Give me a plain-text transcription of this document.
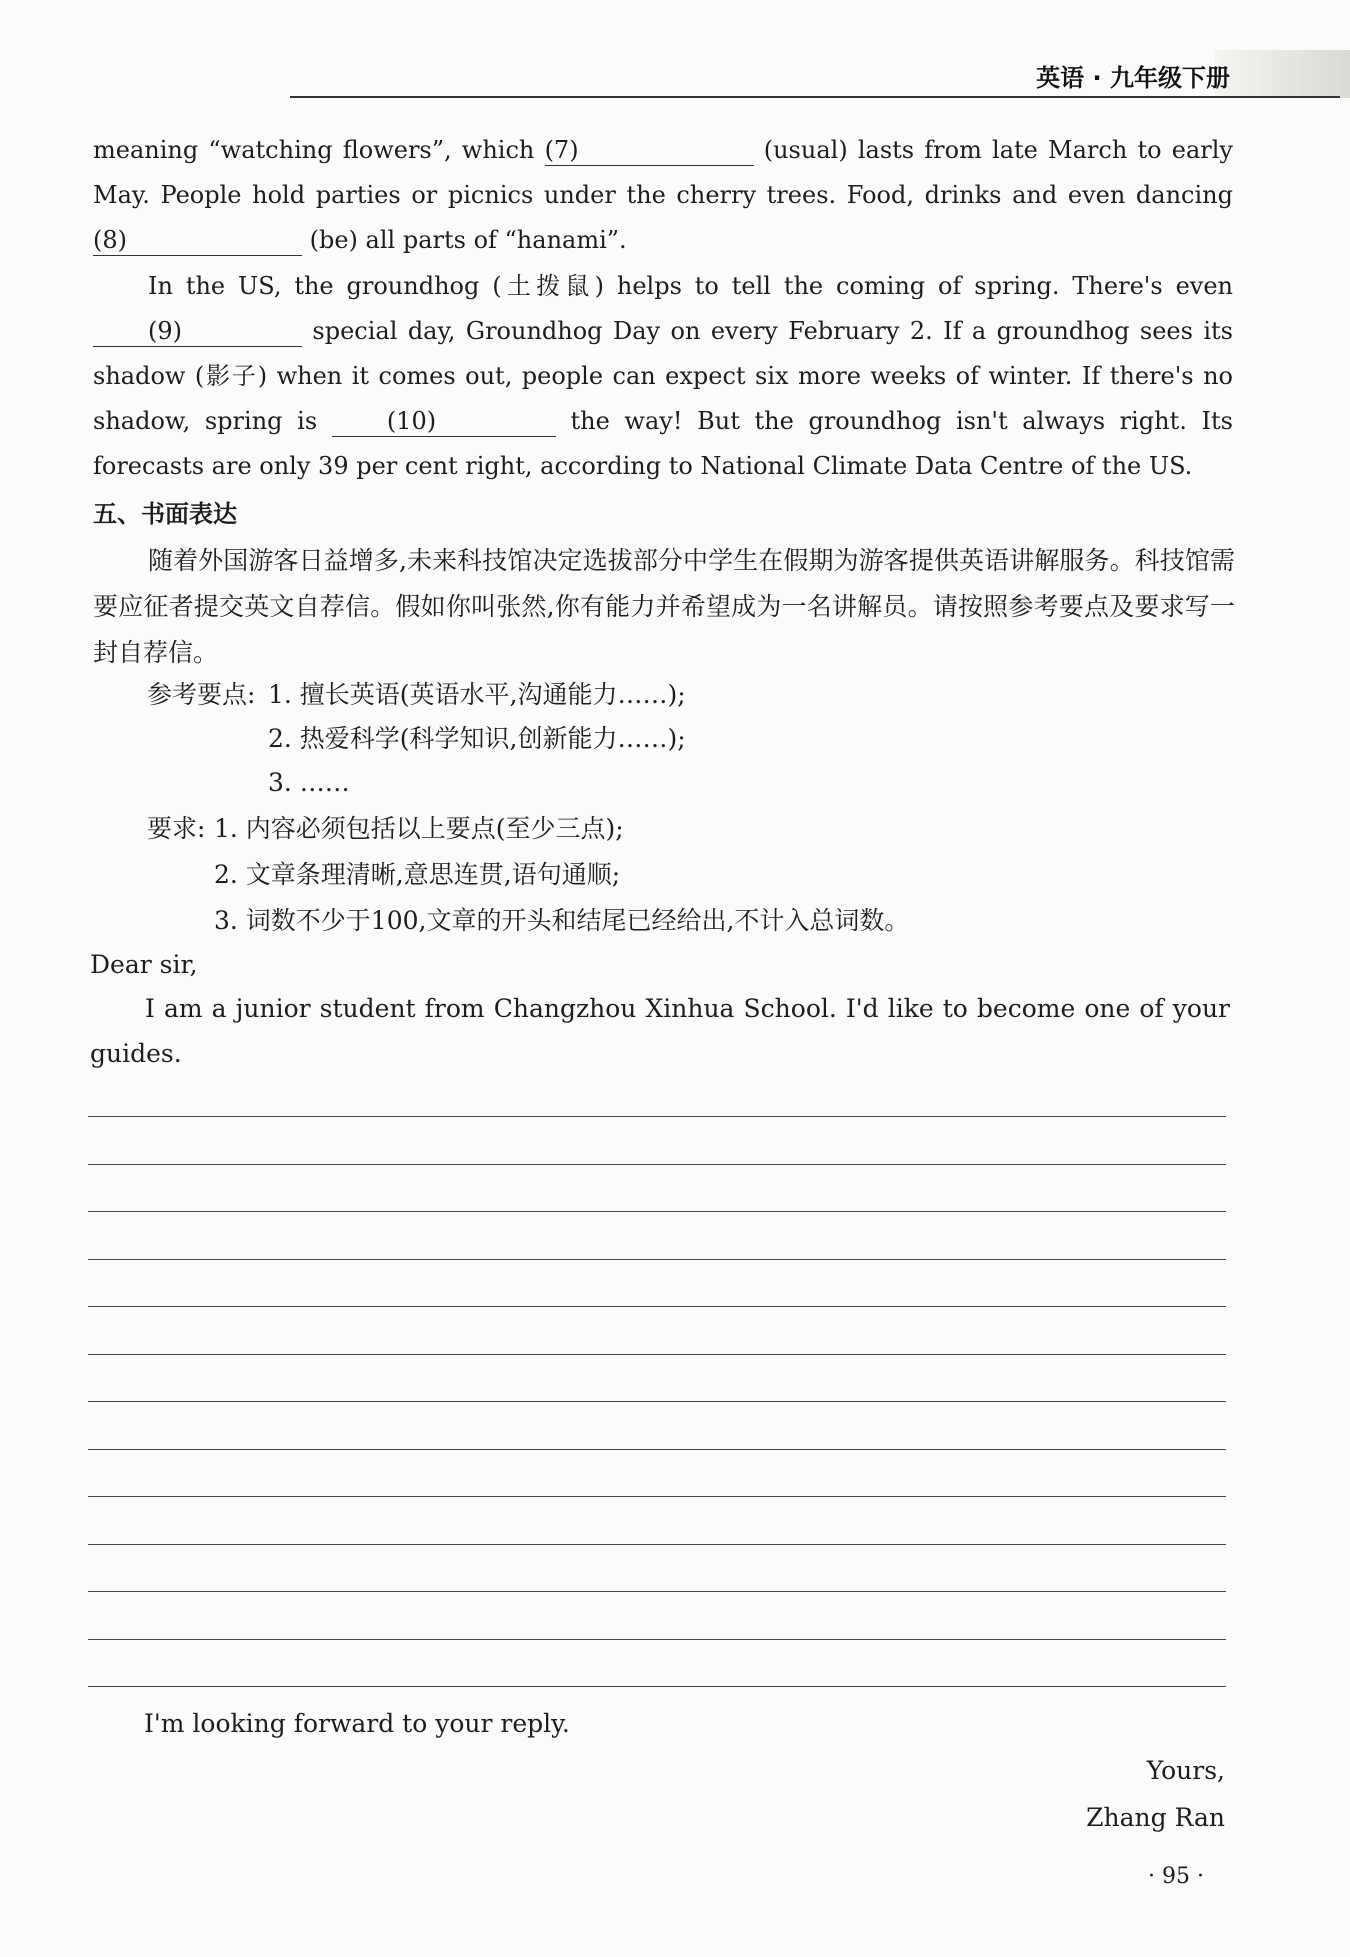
英语 · 九年级下册
meaning “watching flowers”, which (7)	(usual) lasts from late March to early May. People hold parties or picnics under the cherry trees. Food, drinks and even dancing (8)	(be) all parts of “hanami”.
In the US, the groundhog (土拨鼠) helps to tell the coming of spring. There's even (9)	special day, Groundhog Day on every February 2. If a groundhog sees its shadow (影子) when it comes out, people can expect six more weeks of winter. If there's no shadow, spring is (10)	the way! But the groundhog isn't always right. Its forecasts are only 39 per cent right, according to National Climate Data Centre of the US.
五、书面表达
随着外国游客日益增多,未来科技馆决定选拔部分中学生在假期为游客提供英语讲解服务。科技馆需要应征者提交英文自荐信。假如你叫张然,你有能力并希望成为一名讲解员。请按照参考要点及要求写一封自荐信。
参考要点: 1. 擅长英语(英语水平,沟通能力……);
2. 热爱科学(科学知识,创新能力……);
3. ……
要求: 1. 内容必须包括以上要点(至少三点);
2. 文章条理清晰,意思连贯,语句通顺;
3. 词数不少于100,文章的开头和结尾已经给出,不计入总词数。
Dear sir,
I am a junior student from Changzhou Xinhua School. I'd like to become one of your guides.
I'm looking forward to your reply.
Yours,
Zhang Ran
· 95 ·
